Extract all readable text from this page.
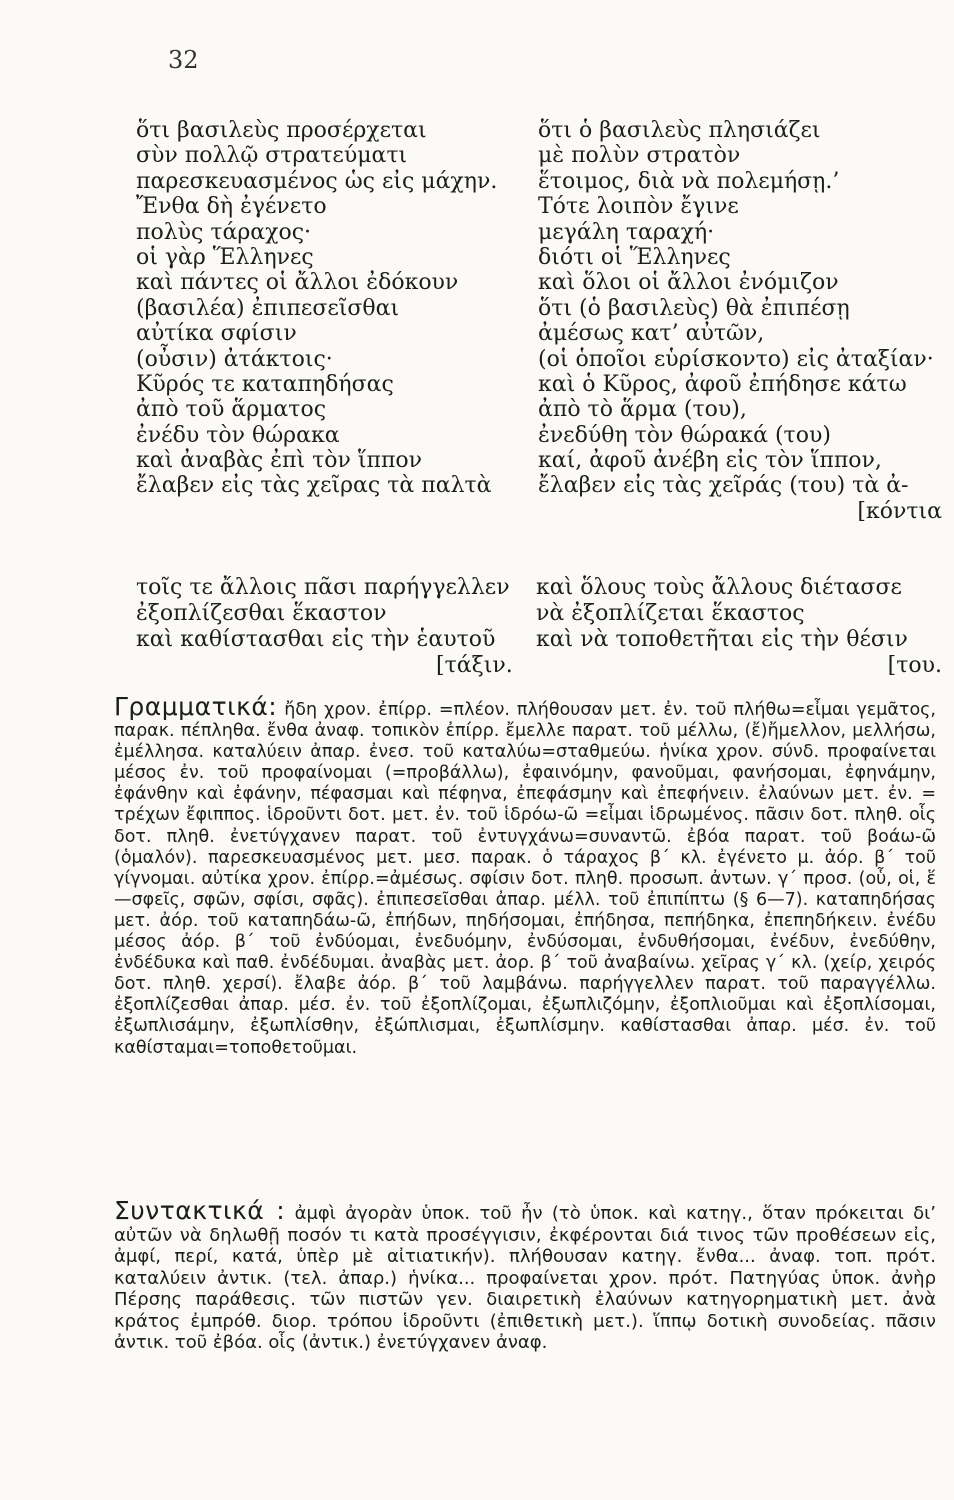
32
ὅτι βασιλεὺς προσέρχεται
σὺν πολλῷ στρατεύματι
παρεσκευασμένος ὡς εἰς μάχην.
Ἔνθα δὴ ἐγένετο
πολὺς τάραχος·
οἱ γὰρ Ἕλληνες
καὶ πάντες οἱ ἄλλοι ἐδόκουν
(βασιλέα) ἐπιπεσεῖσθαι
αὐτίκα σφίσιν
(οὖσιν) ἀτάκτοις·
Κῦρός τε καταπηδήσας
ἀπὸ τοῦ ἅρματος
ἐνέδυ τὸν θώρακα
καὶ ἀναβὰς ἐπὶ τὸν ἵππον
ἔλαβεν εἰς τὰς χεῖρας τὰ παλτὰ
ὅτι ὁ βασιλεὺς πλησιάζει
μὲ πολὺν στρατὸν
ἕτοιμος, διὰ νὰ πολεμήσῃ.’
Τότε λοιπὸν ἔγινε
μεγάλη ταραχή·
διότι οἱ Ἕλληνες
καὶ ὅλοι οἱ ἄλλοι ἐνόμιζον
ὅτι (ὁ βασιλεὺς) θὰ ἐπιπέσῃ
ἀμέσως κατ’ αὐτῶν,
(οἱ ὁποῖοι εὑρίσκοντο) εἰς ἀταξίαν·
καὶ ὁ Κῦρος, ἀφοῦ ἐπήδησε κάτω
ἀπὸ τὸ ἅρμα (του),
ἐνεδύθη τὸν θώρακά (του)
καί, ἀφοῦ ἀνέβη εἰς τὸν ἵππον,
ἔλαβεν εἰς τὰς χεῖράς (του) τὰ ἀ-
[κόντια
τοῖς τε ἄλλοις πᾶσι παρήγγελλεν καὶ ὅλους τοὺς ἄλλους διέτασσε
ἐξοπλίζεσθαι ἕκαστον	νὰ ἐξοπλίζεται ἕκαστος
καὶ καθίστασθαι εἰς τὴν ἑαυτοῦ καὶ νὰ τοποθετῆται εἰς τὴν θέσιν
[τάξιν.	[του.

Γραμματικά: ἤδη χρον. ἐπίρρ. =πλέον. πλήθουσαν μετ. ἐν. τοῦ πλήθω=εἶμαι γεμᾶτος, παρακ. πέπληθα. ἔνθα ἀναφ. τοπικὸν ἐπίρρ. ἔμελλε παρατ. τοῦ μέλλω, (ἔ)ἤμελλον, μελλήσω, ἐμέλλησα. καταλύειν ἀπαρ. ἐνεσ. τοῦ καταλύω=σταθμεύω. ἡνίκα χρον. σύνδ. προφαίνεται μέσος ἐν. τοῦ προφαίνομαι (=προβάλλω), ἐφαινόμην, φανοῦμαι, φανήσομαι, ἐφηνάμην, ἐφάνθην καὶ ἐφάνην, πέφασμαι καὶ πέφηνα, ἐπεφάσμην καὶ ἐπεφήνειν. ἐλαύνων μετ. ἐν. = τρέχων ἔφιππος. ἱδροῦντι δοτ. μετ. ἐν. τοῦ ἱδρόω-ῶ =εἶμαι ἱδρωμένος. πᾶσιν δοτ. πληθ. οἷς δοτ. πληθ. ἐνετύγχανεν παρατ. τοῦ ἐντυγχάνω=συναντῶ. ἐβόα παρατ. τοῦ βοάω-ῶ (ὁμαλόν). παρεσκευασμένος μετ. μεσ. παρακ. ὁ τάραχος β΄ κλ. ἐγένετο μ. ἀόρ. β΄ τοῦ γίγνομαι. αὐτίκα χρον. ἐπίρρ.=ἀμέσως. σφίσιν δοτ. πληθ. προσωπ. ἀντων. γ΄ προσ. (οὗ, οἱ, ἕ—σφεῖς, σφῶν, σφίσι, σφᾶς). ἐπιπεσεῖσθαι ἀπαρ. μέλλ. τοῦ ἐπιπίπτω (§ 6—7). καταπηδήσας μετ. ἀόρ. τοῦ καταπηδάω-ῶ, ἐπήδων, πηδήσομαι, ἐπήδησα, πεπήδηκα, ἐπεπηδήκειν. ἐνέδυ μέσος ἀόρ. β΄ τοῦ ἐνδύομαι, ἐνεδυόμην, ἐνδύσομαι, ἐνδυθήσομαι, ἐνέδυν, ἐνεδύθην, ἐνδέδυκα καὶ παθ. ἐνδέδυμαι. ἀναβὰς μετ. ἀορ. β΄ τοῦ ἀναβαίνω. χεῖρας γ΄ κλ. (χείρ, χειρός δοτ. πληθ. χερσί). ἔλαβε ἀόρ. β΄ τοῦ λαμβάνω. παρήγγελλεν παρατ. τοῦ παραγγέλλω. ἐξοπλίζεσθαι ἀπαρ. μέσ. ἐν. τοῦ ἐξοπλίζομαι, ἐξωπλιζόμην, ἐξοπλιοῦμαι καὶ ἐξοπλίσομαι, ἐξωπλισάμην, ἐξωπλίσθην, ἐξώπλισμαι, ἐξωπλίσμην. καθίστασθαι ἀπαρ. μέσ. ἐν. τοῦ καθίσταμαι=τοποθετοῦμαι.

Συντακτικά : ἀμφὶ ἀγορὰν ὑποκ. τοῦ ἦν (τὸ ὑποκ. καὶ κατηγ., ὅταν πρόκειται δι’ αὐτῶν νὰ δηλωθῇ ποσόν τι κατὰ προσέγγισιν, ἐκφέρονται διά τινος τῶν προθέσεων εἰς, ἀμφί, περί, κατά, ὑπὲρ μὲ αἰτιατικήν). πλήθουσαν κατηγ. ἔνθα... ἀναφ. τοπ. πρότ. καταλύειν ἀντικ. (τελ. ἀπαρ.) ἡνίκα... προφαίνεται χρον. πρότ. Πατηγύας ὑποκ. ἀνὴρ Πέρσης παράθεσις. τῶν πιστῶν γεν. διαιρετικὴ ἐλαύνων κατηγορηματικὴ μετ. ἀνὰ κράτος ἐμπρόθ. διορ. τρόπου ἱδροῦντι (ἐπιθετικὴ μετ.). ἵππῳ δοτικὴ συνοδείας. πᾶσιν ἀντικ. τοῦ ἐβόα. οἷς (ἀντικ.) ἐνετύγχανεν ἀναφ.
